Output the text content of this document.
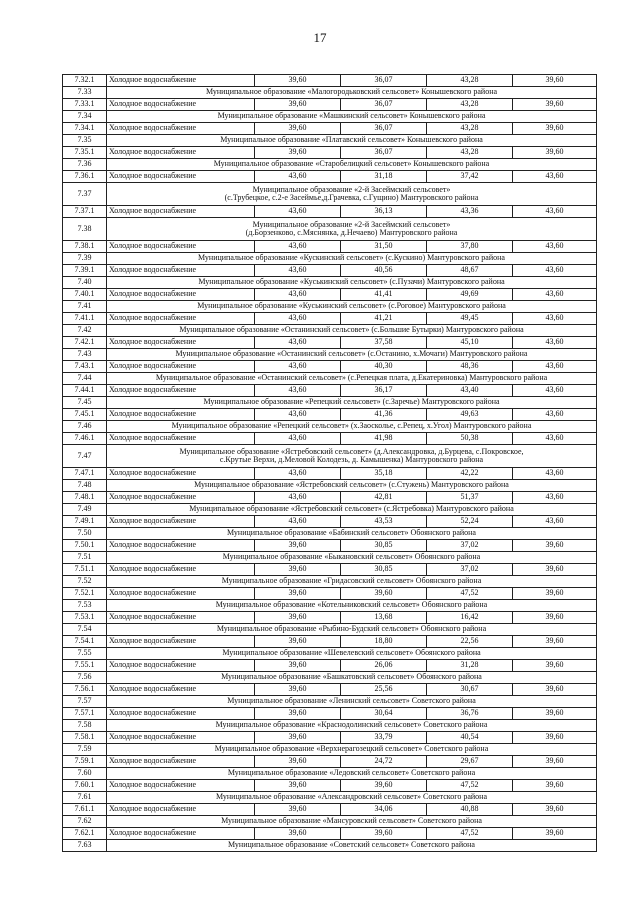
17
7.32.1	Холодное водоснабжение	39,60	36,07	43,28	39,60
7.33	Муниципальное образование «Малогородьковский сельсовет» Конышевского района				

7.33.1	Холодное водоснабжение	39,60	36,07	43,28	39,60
7.34	Муниципальное образование «Машкинский сельсовет» Конышевского района				

7.34.1	Холодное водоснабжение	39,60	36,07	43,28	39,60
7.35	Муниципальное образование «Платавский сельсовет» Конышевского района				

7.35.1	Холодное водоснабжение	39,60	36,07	43,28	39,60
7.36	Муниципальное образование «Старобелицкий сельсовет» Конышевского района				

7.36.1	Холодное водоснабжение	43,60	31,18	37,42	43,60
7.37	Муниципальное образование «2-й Засеймский сельсовет»
(с.Трубецкое, с.2-е Засеймье,д.Грачевка, с.Гущино) Мантуровского района				

7.37.1	Холодное водоснабжение	43,60	36,13	43,36	43,60
7.38	Муниципальное образование «2-й Засеймский сельсовет»
(д.Борзенково, с.Мяснянка, д.Нечаево) Мантуровского района				

7.38.1	Холодное водоснабжение	43,60	31,50	37,80	43,60
7.39	Муниципальное образование «Кускинский сельсовет» (с.Кускино) Мантуровского района				

7.39.1	Холодное водоснабжение	43,60	40,56	48,67	43,60
7.40	Муниципальное образование «Куськинский сельсовет» (с.Пузачи) Мантуровского района				

7.40.1	Холодное водоснабжение	43,60	41,41	49,69	43,60
7.41	Муниципальное образование «Куськинский сельсовет» (с.Роговое) Мантуровского района				

7.41.1	Холодное водоснабжение	43,60	41,21	49,45	43,60
7.42	Муниципальное образование «Останинский сельсовет» (с.Большие Бутырки) Мантуровского района				

7.42.1	Холодное водоснабжение	43,60	37,58	45,10	43,60
7.43	Муниципальное образование «Останинский сельсовет» (с.Останино, х.Мочаги) Мантуровского района				

7.43.1	Холодное водоснабжение	43,60	40,30	48,36	43,60
7.44	Муниципальное образование «Останинский сельсовет» (с.Репецкая плата, д.Екатериновка) Мантуровского района				

7.44.1	Холодное водоснабжение	43,60	36,17	43,40	43,60
7.45	Муниципальное образование «Репецкий сельсовет» (с.Заречье) Мантуровского района				

7.45.1	Холодное водоснабжение	43,60	41,36	49,63	43,60
7.46	Муниципальное образование «Репецкий сельсовет» (х.Заосколье, с.Репец, х.Угол) Мантуровского района				

7.46.1	Холодное водоснабжение	43,60	41,98	50,38	43,60
7.47	Муниципальное образование «Ястребовский сельсовет» (д.Александровка, д.Бурцева, с.Покровское,
с.Крутые Верхи, д.Меловой Колодезь, д. Камышенка) Мантуровского района				

7.47.1	Холодное водоснабжение	43,60	35,18	42,22	43,60
7.48	Муниципальное образование «Ястребовский сельсовет» (с.Стужень) Мантуровского района				

7.48.1	Холодное водоснабжение	43,60	42,81	51,37	43,60
7.49	Муниципальное образование «Ястребовский сельсовет» (с.Ястребовка) Мантуровского района				

7.49.1	Холодное водоснабжение	43,60	43,53	52,24	43,60
7.50	Муниципальное образование «Бабинский сельсовет» Обоянского района				

7.50.1	Холодное водоснабжение	39,60	30,85	37,02	39,60
7.51	Муниципальное образование «Быкановский сельсовет» Обоянского района				

7.51.1	Холодное водоснабжение	39,60	30,85	37,02	39,60
7.52	Муниципальное образование «Гридасовский сельсовет» Обоянского района				

7.52.1	Холодное водоснабжение	39,60	39,60	47,52	39,60
7.53	Муниципальное образование «Котельниковский сельсовет» Обоянского района				

7.53.1	Холодное водоснабжение	39,60	13,68	16,42	39,60
7.54	Муниципальное образование «Рыбино-Будский сельсовет» Обоянского района				

7.54.1	Холодное водоснабжение	39,60	18,80	22,56	39,60
7.55	Муниципальное образование «Шевелевский сельсовет» Обоянского района				

7.55.1	Холодное водоснабжение	39,60	26,06	31,28	39,60
7.56	Муниципальное образование «Башкатовский сельсовет» Обоянского района				

7.56.1	Холодное водоснабжение	39,60	25,56	30,67	39,60
7.57	Муниципальное образование «Ленинский сельсовет» Советского района				

7.57.1	Холодное водоснабжение	39,60	30,64	36,76	39,60
7.58	Муниципальное образование «Краснодолинский сельсовет» Советского района				

7.58.1	Холодное водоснабжение	39,60	33,79	40,54	39,60
7.59	Муниципальное образование «Верхнерагозецкий сельсовет» Советского района				

7.59.1	Холодное водоснабжение	39,60	24,72	29,67	39,60
7.60	Муниципальное образование «Ледовский сельсовет» Советского района				

7.60.1	Холодное водоснабжение	39,60	39,60	47,52	39,60
7.61	Муниципальное образование «Александровский сельсовет» Советского района				

7.61.1	Холодное водоснабжение	39,60	34,06	40,88	39,60
7.62	Муниципальное образование «Мансуровский сельсовет» Советского района				

7.62.1	Холодное водоснабжение	39,60	39,60	47,52	39,60
7.63	Муниципальное образование «Советский сельсовет» Советского района				
